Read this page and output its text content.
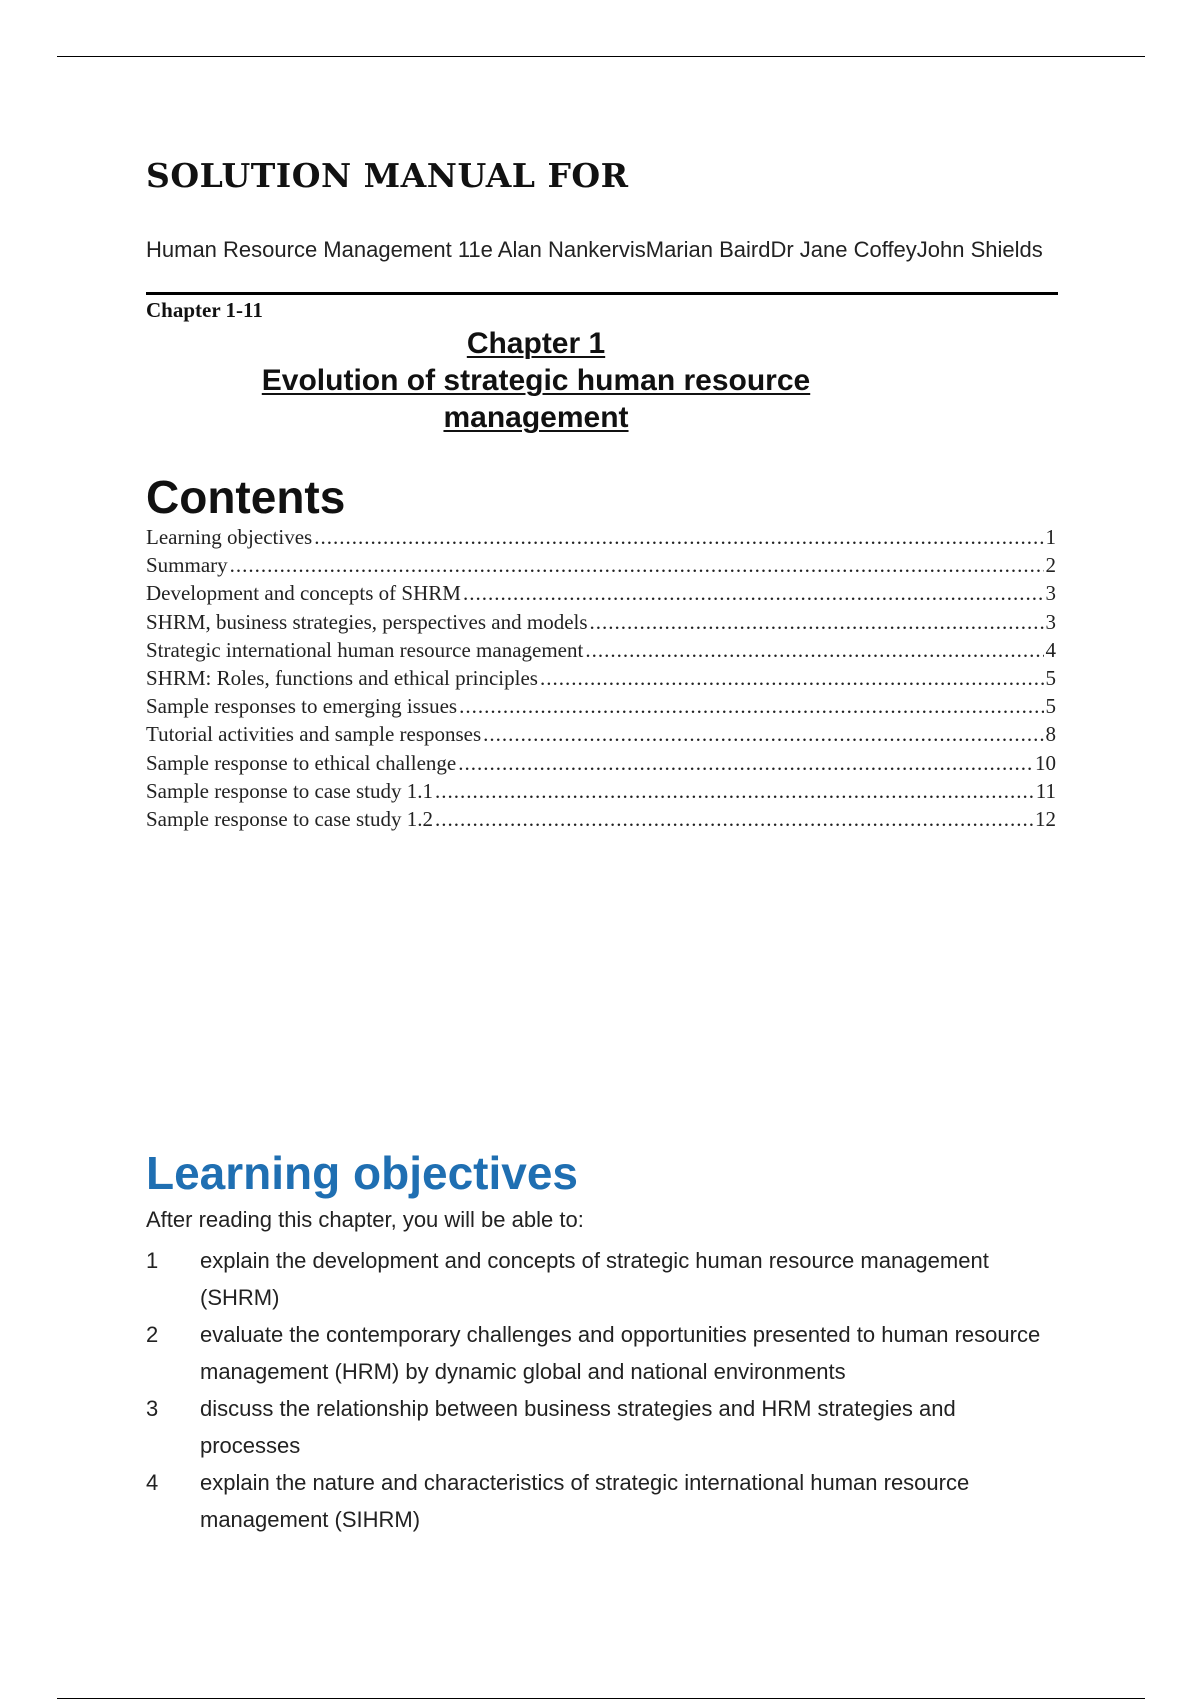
SOLUTION MANUAL FOR
Human Resource Management 11e Alan NankervisMarian BairdDr Jane CoffeyJohn Shields
Chapter 1-11
Chapter 1
Evolution of strategic human resource
management
Contents
Learning objectives .....	1
Summary .....	2
Development and concepts of SHRM .....	3
SHRM, business strategies, perspectives and models .....	3
Strategic international human resource management .....	4
SHRM: Roles, functions and ethical principles .....	5
Sample responses to emerging issues .....	5
Tutorial activities and sample responses .....	8
Sample response to ethical challenge .....	10
Sample response to case study 1.1 .....	11
Sample response to case study 1.2 .....	12
Learning objectives
After reading this chapter, you will be able to:
1	explain the development and concepts of strategic human resource management (SHRM)
2	evaluate the contemporary challenges and opportunities presented to human resource management (HRM) by dynamic global and national environments
3	discuss the relationship between business strategies and HRM strategies and processes
4	explain the nature and characteristics of strategic international human resource management (SIHRM)
